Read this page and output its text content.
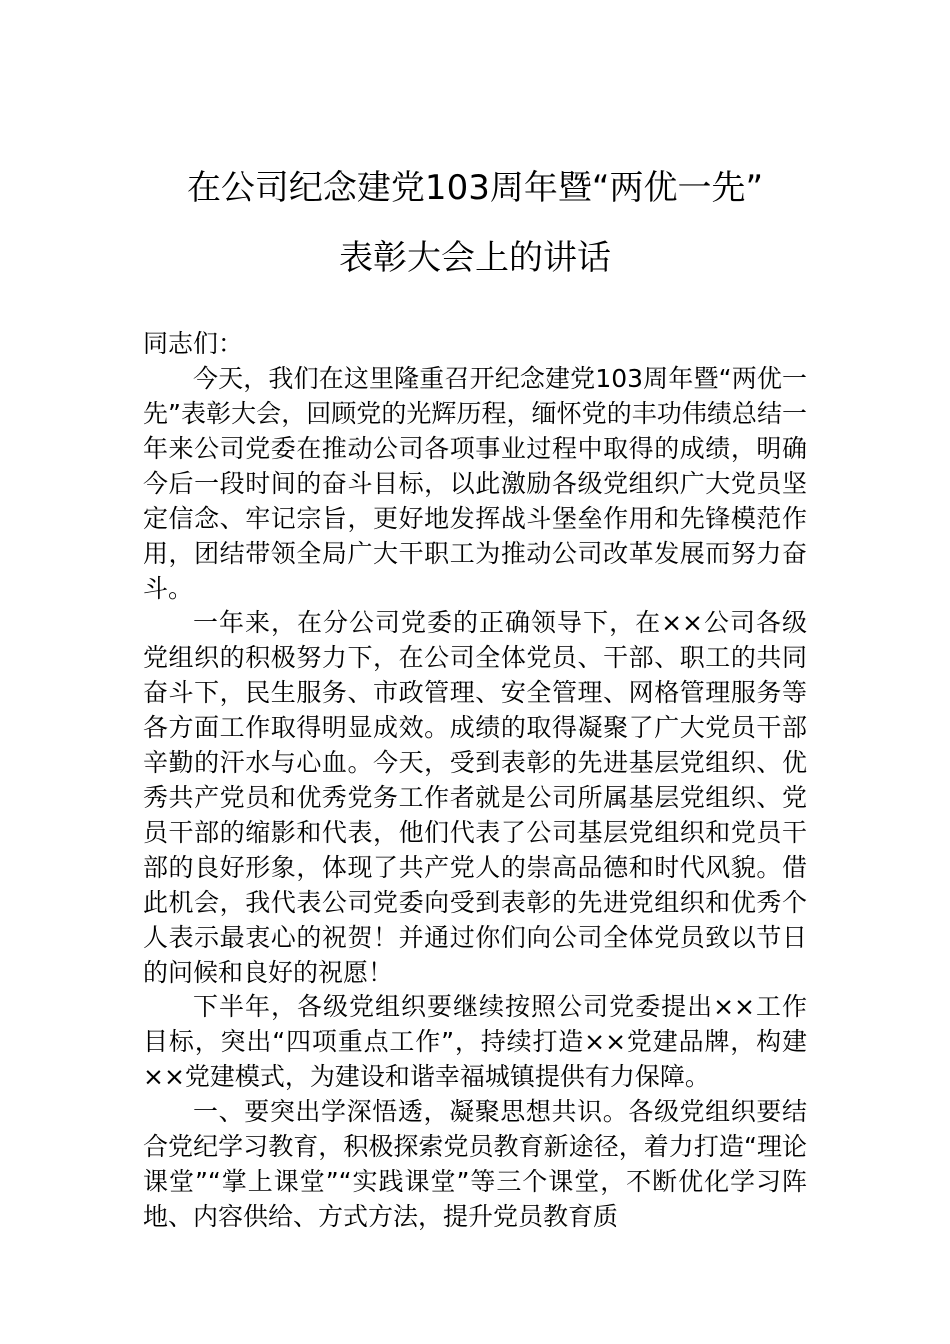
在公司纪念建党103周年暨“两优一先”
表彰大会上的讲话

同志们：

今天，我们在这里隆重召开纪念建党103周年暨“两优一先”表彰大会，回顾党的光辉历程，缅怀党的丰功伟绩总结一年来公司党委在推动公司各项事业过程中取得的成绩，明确今后一段时间的奋斗目标，以此激励各级党组织广大党员坚定信念、牢记宗旨，更好地发挥战斗堡垒作用和先锋模范作用，团结带领全局广大干职工为推动公司改革发展而努力奋斗。

一年来，在分公司党委的正确领导下，在××公司各级党组织的积极努力下，在公司全体党员、干部、职工的共同奋斗下，民生服务、市政管理、安全管理、网格管理服务等各方面工作取得明显成效。成绩的取得凝聚了广大党员干部辛勤的汗水与心血。今天，受到表彰的先进基层党组织、优秀共产党员和优秀党务工作者就是公司所属基层党组织、党员干部的缩影和代表，他们代表了公司基层党组织和党员干部的良好形象，体现了共产党人的崇高品德和时代风貌。借此机会，我代表公司党委向受到表彰的先进党组织和优秀个人表示最衷心的祝贺！并通过你们向公司全体党员致以节日的问候和良好的祝愿！

下半年，各级党组织要继续按照公司党委提出××工作目标，突出“四项重点工作”，持续打造××党建品牌，构建××党建模式，为建设和谐幸福城镇提供有力保障。

一、要突出学深悟透，凝聚思想共识。各级党组织要结合党纪学习教育，积极探索党员教育新途径，着力打造“理论课堂”“掌上课堂”“实践课堂”等三个课堂，不断优化学习阵地、内容供给、方式方法，提升党员教育质
